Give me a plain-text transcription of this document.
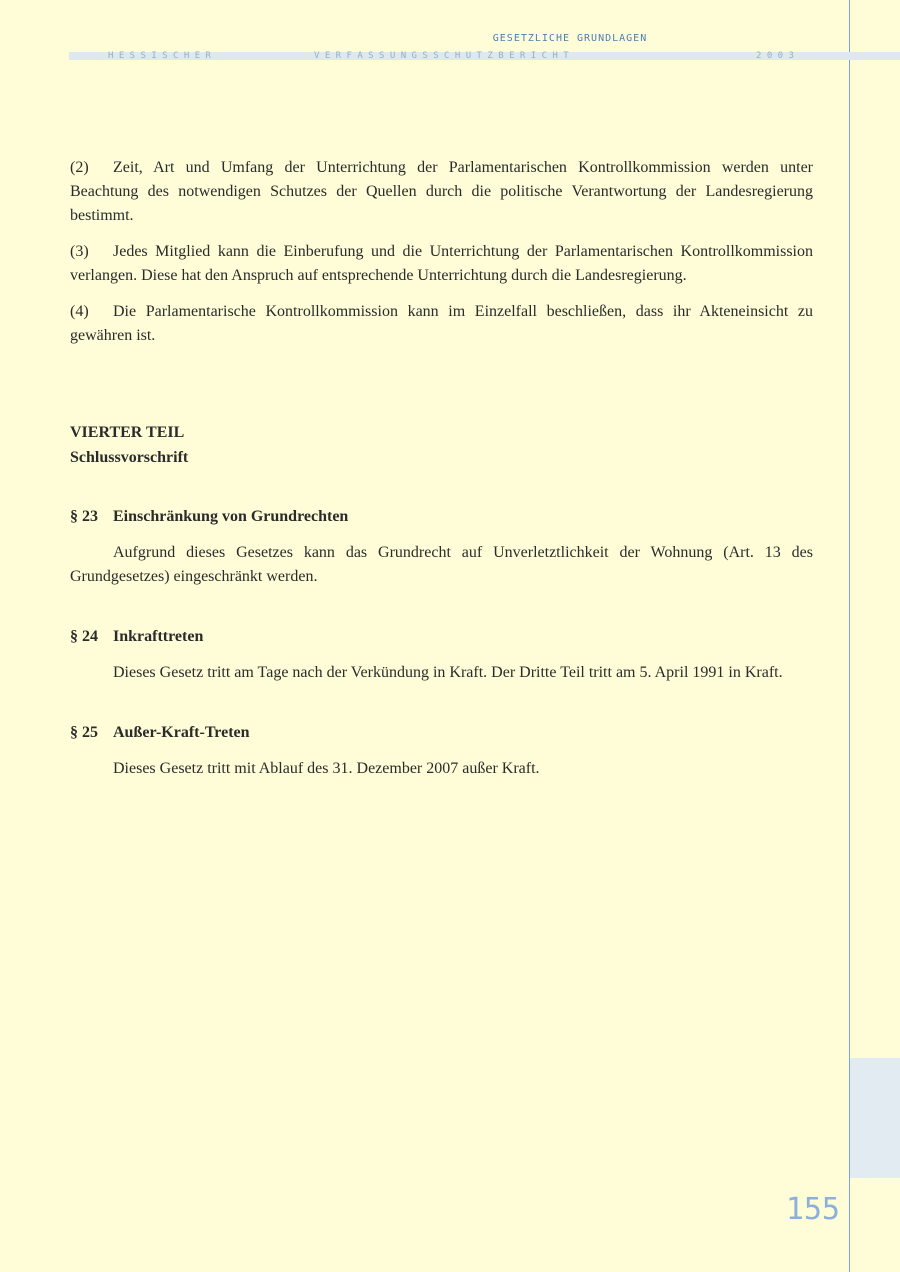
GESETZLICHE GRUNDLAGEN
H E S S I S C H E R	V E R F A S S U N G S S C H U T Z B E R I C H T	2 0 0 3

(2) Zeit, Art und Umfang der Unterrichtung der Parlamentarischen Kontrollkommission werden unter Beachtung des notwendigen Schutzes der Quellen durch die politische Verantwortung der Landesregierung bestimmt.

(3) Jedes Mitglied kann die Einberufung und die Unterrichtung der Parlamentarischen Kontrollkommission verlangen. Diese hat den Anspruch auf entsprechende Unterrichtung durch die Landesregierung.

(4) Die Parlamentarische Kontrollkommission kann im Einzelfall beschließen, dass ihr Akteneinsicht zu gewähren ist.

VIERTER TEIL
Schlussvorschrift

§ 23 Einschränkung von Grundrechten

Aufgrund dieses Gesetzes kann das Grundrecht auf Unverletztlichkeit der Wohnung (Art. 13 des Grundgesetzes) eingeschränkt werden.

§ 24 Inkrafttreten

Dieses Gesetz tritt am Tage nach der Verkündung in Kraft. Der Dritte Teil tritt am 5. April 1991 in Kraft.

§ 25 Außer-Kraft-Treten

Dieses Gesetz tritt mit Ablauf des 31. Dezember 2007 außer Kraft.

155
